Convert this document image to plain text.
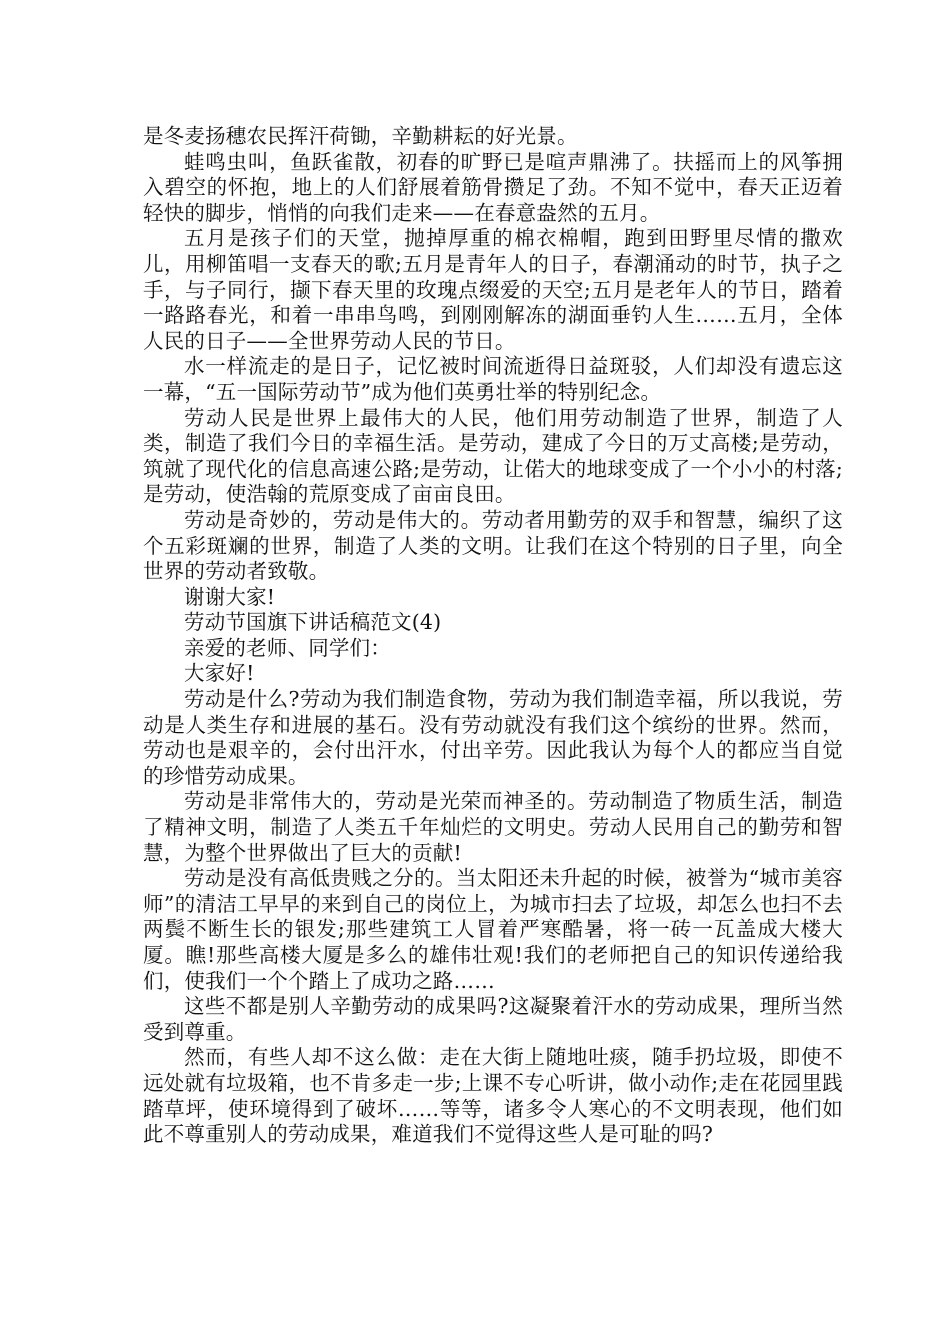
是冬麦扬穗农民挥汗荷锄，辛勤耕耘的好光景。

蛙鸣虫叫，鱼跃雀散，初春的旷野已是喧声鼎沸了。扶摇而上的风筝拥入碧空的怀抱，地上的人们舒展着筋骨攒足了劲。不知不觉中，春天正迈着轻快的脚步，悄悄的向我们走来——在春意盎然的五月。

五月是孩子们的天堂，抛掉厚重的棉衣棉帽，跑到田野里尽情的撒欢儿，用柳笛唱一支春天的歌;五月是青年人的日子，春潮涌动的时节，执子之手，与子同行，撷下春天里的玫瑰点缀爱的天空;五月是老年人的节日，踏着一路路春光，和着一串串鸟鸣，到刚刚解冻的湖面垂钓人生……五月，全体人民的日子——全世界劳动人民的节日。

水一样流走的是日子，记忆被时间流逝得日益斑驳，人们却没有遗忘这一幕，“五一国际劳动节”成为他们英勇壮举的特别纪念。

劳动人民是世界上最伟大的人民，他们用劳动制造了世界，制造了人类，制造了我们今日的幸福生活。是劳动，建成了今日的万丈高楼;是劳动，筑就了现代化的信息高速公路;是劳动，让偌大的地球变成了一个小小的村落;是劳动，使浩翰的荒原变成了亩亩良田。

劳动是奇妙的，劳动是伟大的。劳动者用勤劳的双手和智慧，编织了这个五彩斑斓的世界，制造了人类的文明。让我们在这个特别的日子里，向全世界的劳动者致敬。

谢谢大家!

劳动节国旗下讲话稿范文(4)

亲爱的老师、同学们：

大家好!

劳动是什么?劳动为我们制造食物，劳动为我们制造幸福，所以我说，劳动是人类生存和进展的基石。没有劳动就没有我们这个缤纷的世界。然而，劳动也是艰辛的，会付出汗水，付出辛劳。因此我认为每个人的都应当自觉的珍惜劳动成果。

劳动是非常伟大的，劳动是光荣而神圣的。劳动制造了物质生活，制造了精神文明，制造了人类五千年灿烂的文明史。劳动人民用自己的勤劳和智慧，为整个世界做出了巨大的贡献!

劳动是没有高低贵贱之分的。当太阳还未升起的时候，被誉为“城市美容师”的清洁工早早的来到自己的岗位上，为城市扫去了垃圾，却怎么也扫不去两鬓不断生长的银发;那些建筑工人冒着严寒酷暑，将一砖一瓦盖成大楼大厦。瞧!那些高楼大厦是多么的雄伟壮观!我们的老师把自己的知识传递给我们，使我们一个个踏上了成功之路……

这些不都是别人辛勤劳动的成果吗?这凝聚着汗水的劳动成果，理所当然受到尊重。

然而，有些人却不这么做：走在大街上随地吐痰，随手扔垃圾，即使不远处就有垃圾箱，也不肯多走一步;上课不专心听讲，做小动作;走在花园里践踏草坪，使环境得到了破坏……等等，诸多令人寒心的不文明表现，他们如此不尊重别人的劳动成果，难道我们不觉得这些人是可耻的吗?
